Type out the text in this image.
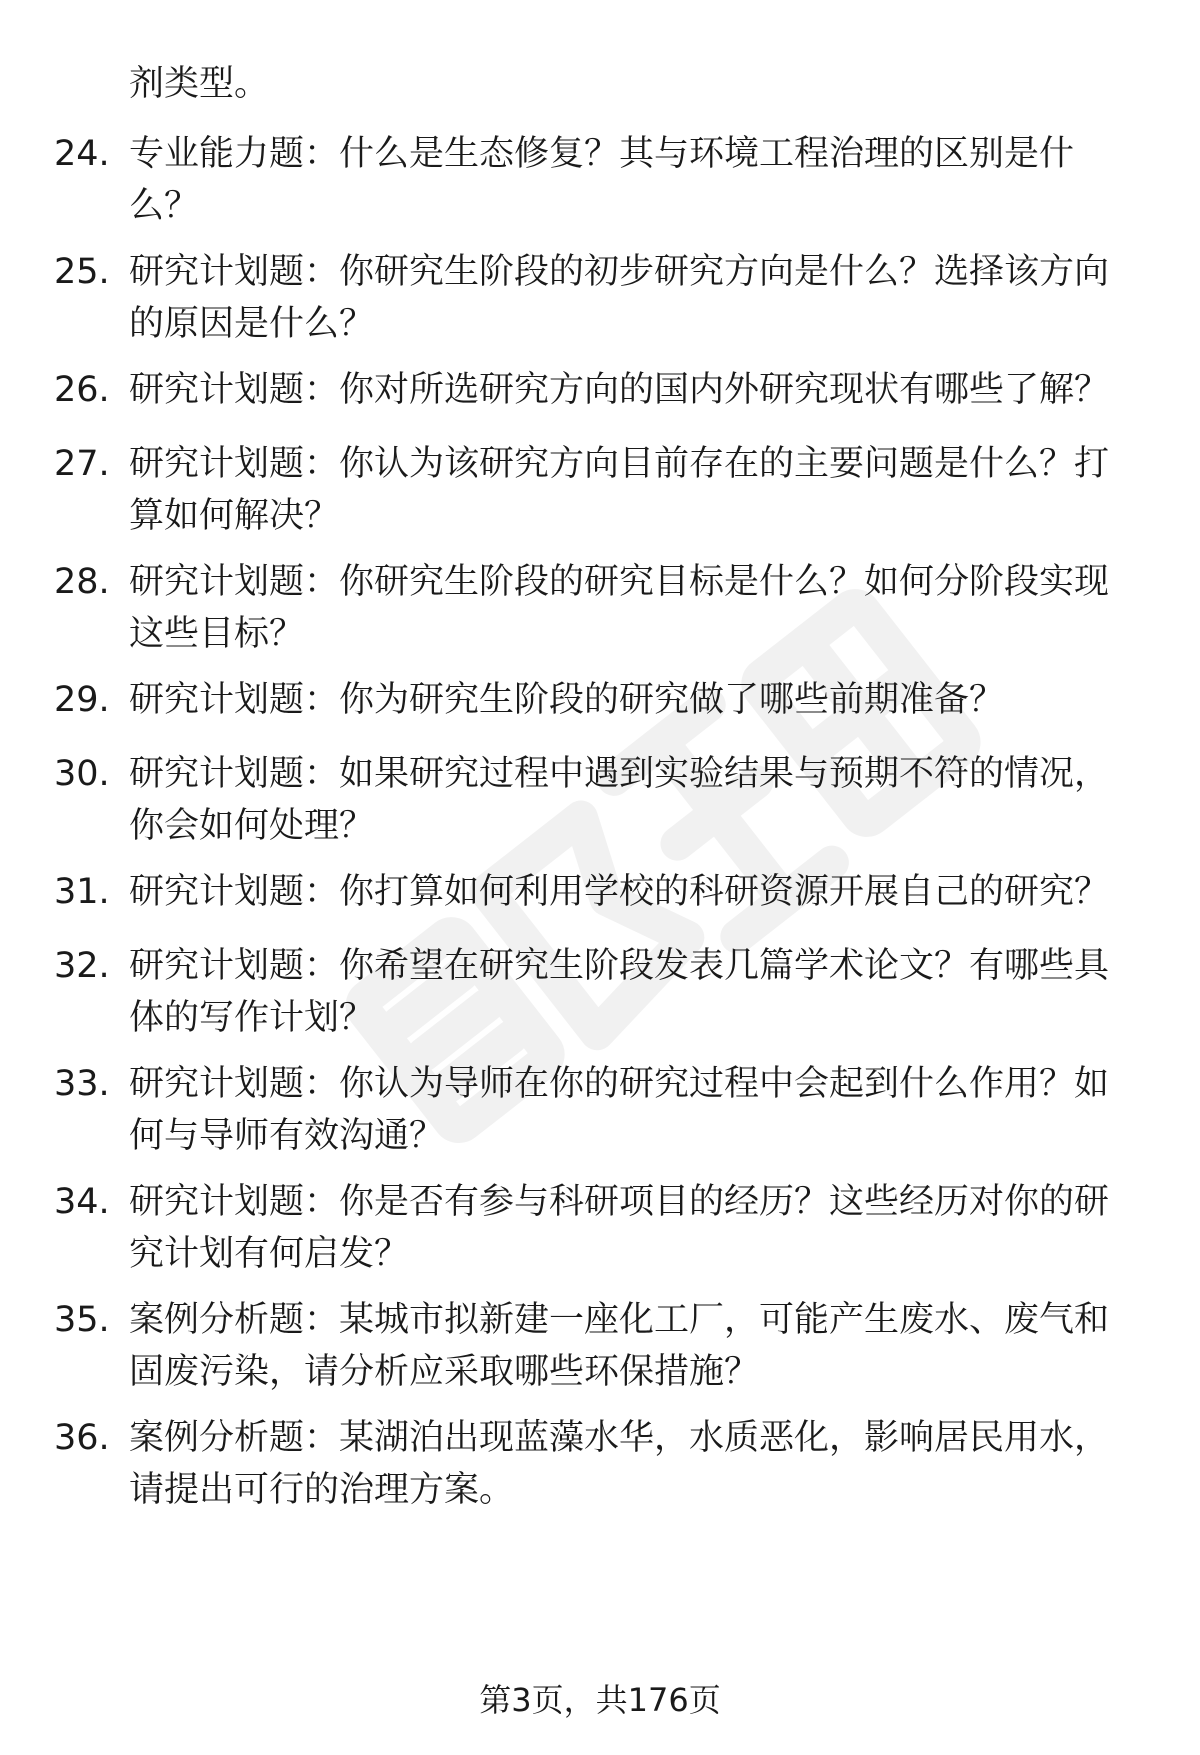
剂类型。
24. 专业能力题：什么是生态修复？其与环境工程治理的区别是什
么？
25. 研究计划题：你研究生阶段的初步研究方向是什么？选择该方向
的原因是什么？
26. 研究计划题：你对所选研究方向的国内外研究现状有哪些了解？
27. 研究计划题：你认为该研究方向目前存在的主要问题是什么？打
算如何解决？
28. 研究计划题：你研究生阶段的研究目标是什么？如何分阶段实现
这些目标？
29. 研究计划题：你为研究生阶段的研究做了哪些前期准备？
30. 研究计划题：如果研究过程中遇到实验结果与预期不符的情况，
你会如何处理？
31. 研究计划题：你打算如何利用学校的科研资源开展自己的研究？
32. 研究计划题：你希望在研究生阶段发表几篇学术论文？有哪些具
体的写作计划？
33. 研究计划题：你认为导师在你的研究过程中会起到什么作用？如
何与导师有效沟通？
34. 研究计划题：你是否有参与科研项目的经历？这些经历对你的研
究计划有何启发？
35. 案例分析题：某城市拟新建一座化工厂，可能产生废水、废气和
固废污染，请分析应采取哪些环保措施？
36. 案例分析题：某湖泊出现蓝藻水华，水质恶化，影响居民用水，
请提出可行的治理方案。
第3页，共176页
